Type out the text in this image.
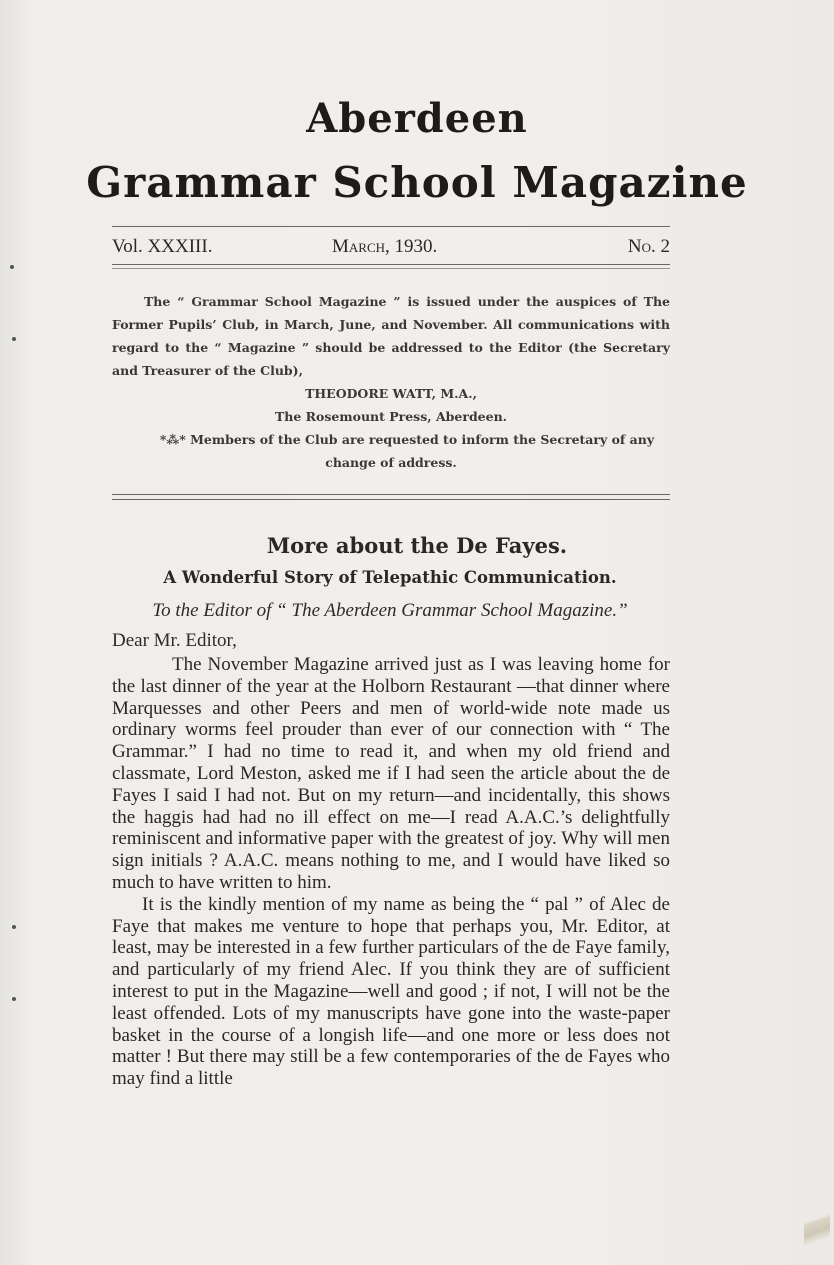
Aberdeen
Grammar School Magazine
Vol. XXXIII.	March, 1930.	No. 2

The “ Grammar School Magazine ” is issued under the auspices of The Former Pupils’ Club, in March, June, and November. All communications with regard to the “ Magazine ” should be addressed to the Editor (the Secretary and Treasurer of the Club),

THEODORE WATT, M.A.,

The Rosemount Press, Aberdeen.

*⁂* Members of the Club are requested to inform the Secretary of any change of address.

More about the De Fayes.
A Wonderful Story of Telepathic Communication.
To the Editor of “ The Aberdeen Grammar School Magazine.”
Dear Mr. Editor,

The November Magazine arrived just as I was leaving home for the last dinner of the year at the Holborn Restaurant —that dinner where Marquesses and other Peers and men of world-wide note made us ordinary worms feel prouder than ever of our connection with “ The Grammar.” I had no time to read it, and when my old friend and classmate, Lord Meston, asked me if I had seen the article about the de Fayes I said I had not. But on my return—and incidentally, this shows the haggis had had no ill effect on me—I read A.A.C.’s delightfully reminiscent and informative paper with the greatest of joy. Why will men sign initials ? A.A.C. means nothing to me, and I would have liked so much to have written to him.

It is the kindly mention of my name as being the “ pal ” of Alec de Faye that makes me venture to hope that perhaps you, Mr. Editor, at least, may be interested in a few further particulars of the de Faye family, and particularly of my friend Alec. If you think they are of sufficient interest to put in the Magazine—well and good ; if not, I will not be the least offended. Lots of my manuscripts have gone into the waste-paper basket in the course of a longish life—and one more or less does not matter ! But there may still be a few contemporaries of the de Fayes who may find a little
